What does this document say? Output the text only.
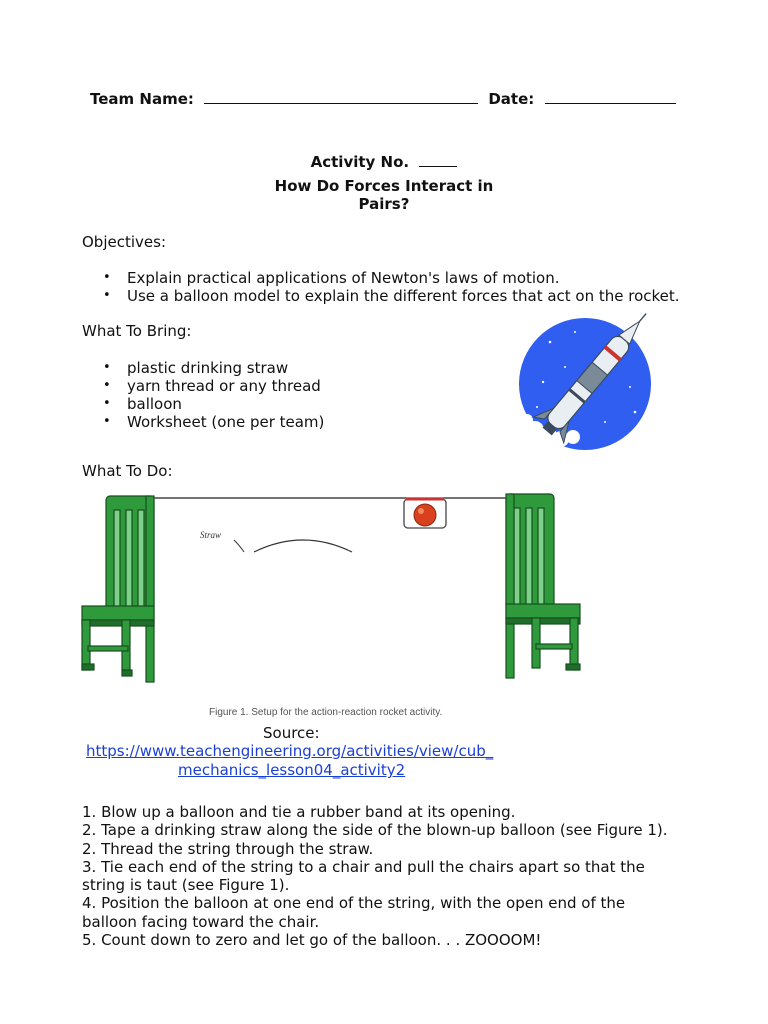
Team Name:	Date:
Activity No.
How Do Forces Interact in
Pairs?
Objectives:
• Explain practical applications of Newton's laws of motion.
• Use a balloon model to explain the different forces that act on the rocket.
What To Bring:
• plastic drinking straw
• yarn thread or any thread
• balloon
• Worksheet (one per team)
What To Do:
Straw
Figure 1. Setup for the action-reaction rocket activity.
Source:
https://www.teachengineering.org/activities/view/cub_
mechanics_lesson04_activity2
1. Blow up a balloon and tie a rubber band at its opening.
2. Tape a drinking straw along the side of the blown-up balloon (see Figure 1).
2. Thread the string through the straw.
3. Tie each end of the string to a chair and pull the chairs apart so that the
string is taut (see Figure 1).
4. Position the balloon at one end of the string, with the open end of the
balloon facing toward the chair.
5. Count down to zero and let go of the balloon. . . ZOOOOM!
